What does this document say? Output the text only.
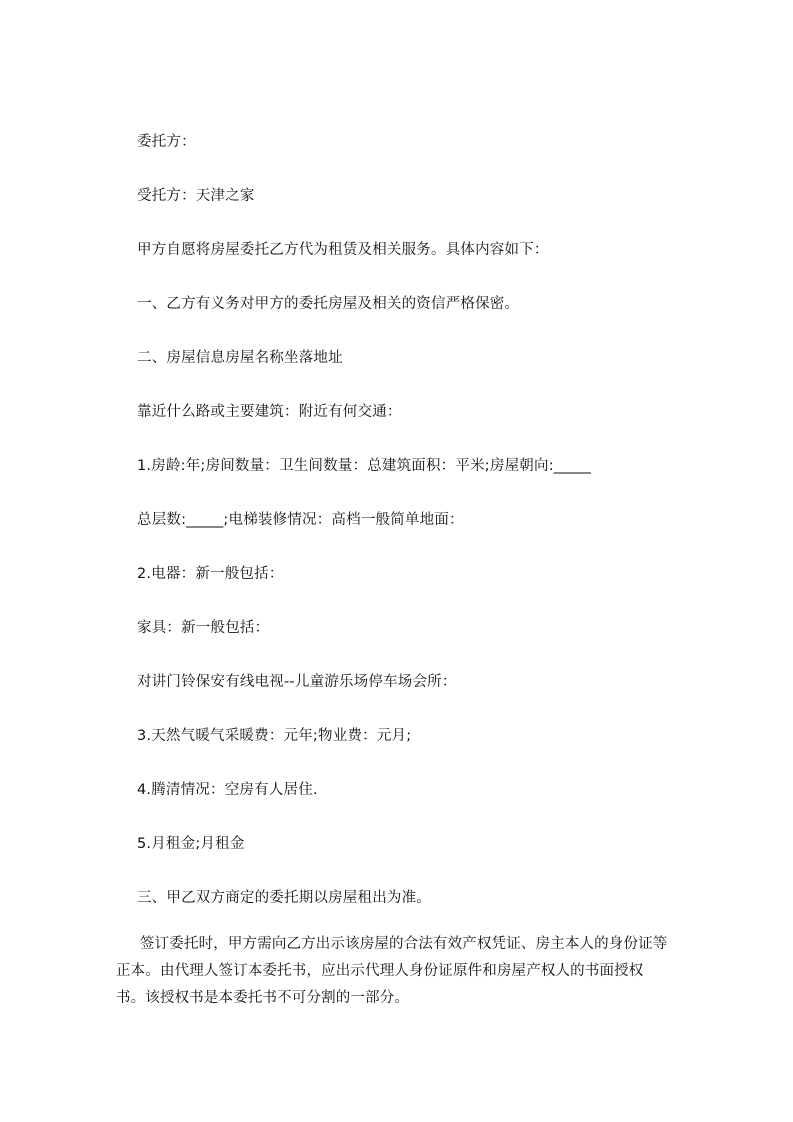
委托方：
受托方：天津之家
甲方自愿将房屋委托乙方代为租赁及相关服务。具体内容如下：
一、乙方有义务对甲方的委托房屋及相关的资信严格保密。
二、房屋信息房屋名称坐落地址
靠近什么路或主要建筑：附近有何交通：
1.房龄:年;房间数量：卫生间数量：总建筑面积：平米;房屋朝向:_____
总层数:_____;电梯装修情况：高档一般简单地面：
2.电器：新一般包括：
家具：新一般包括：
对讲门铃保安有线电视--儿童游乐场停车场会所：
3.天然气暖气采暖费：元年;物业费：元月;
4.腾清情况：空房有人居住.
5.月租金;月租金
三、甲乙双方商定的委托期以房屋租出为准。
签订委托时，甲方需向乙方出示该房屋的合法有效产权凭证、房主本人的身份证等正本。由代理人签订本委托书，应出示代理人身份证原件和房屋产权人的书面授权书。该授权书是本委托书不可分割的一部分。
